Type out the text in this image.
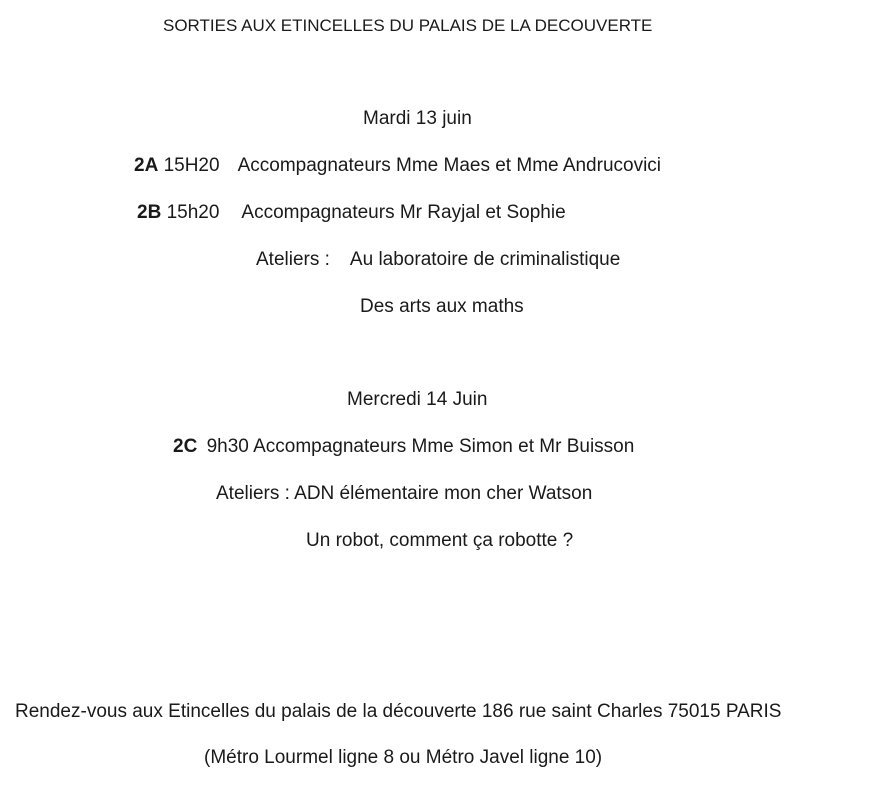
SORTIES AUX ETINCELLES DU PALAIS DE LA DECOUVERTE
Mardi 13 juin
2A 15H20 Accompagnateurs Mme Maes et Mme Andrucovici
2B 15h20 Accompagnateurs Mr Rayjal et Sophie
Ateliers : Au laboratoire de criminalistique
Des arts aux maths
Mercredi 14 Juin
2C 9h30 Accompagnateurs Mme Simon et Mr Buisson
Ateliers : ADN élémentaire mon cher Watson
Un robot, comment ça robotte ?
Rendez-vous aux Etincelles du palais de la découverte 186 rue saint Charles 75015 PARIS
(Métro Lourmel ligne 8 ou Métro Javel ligne 10)
